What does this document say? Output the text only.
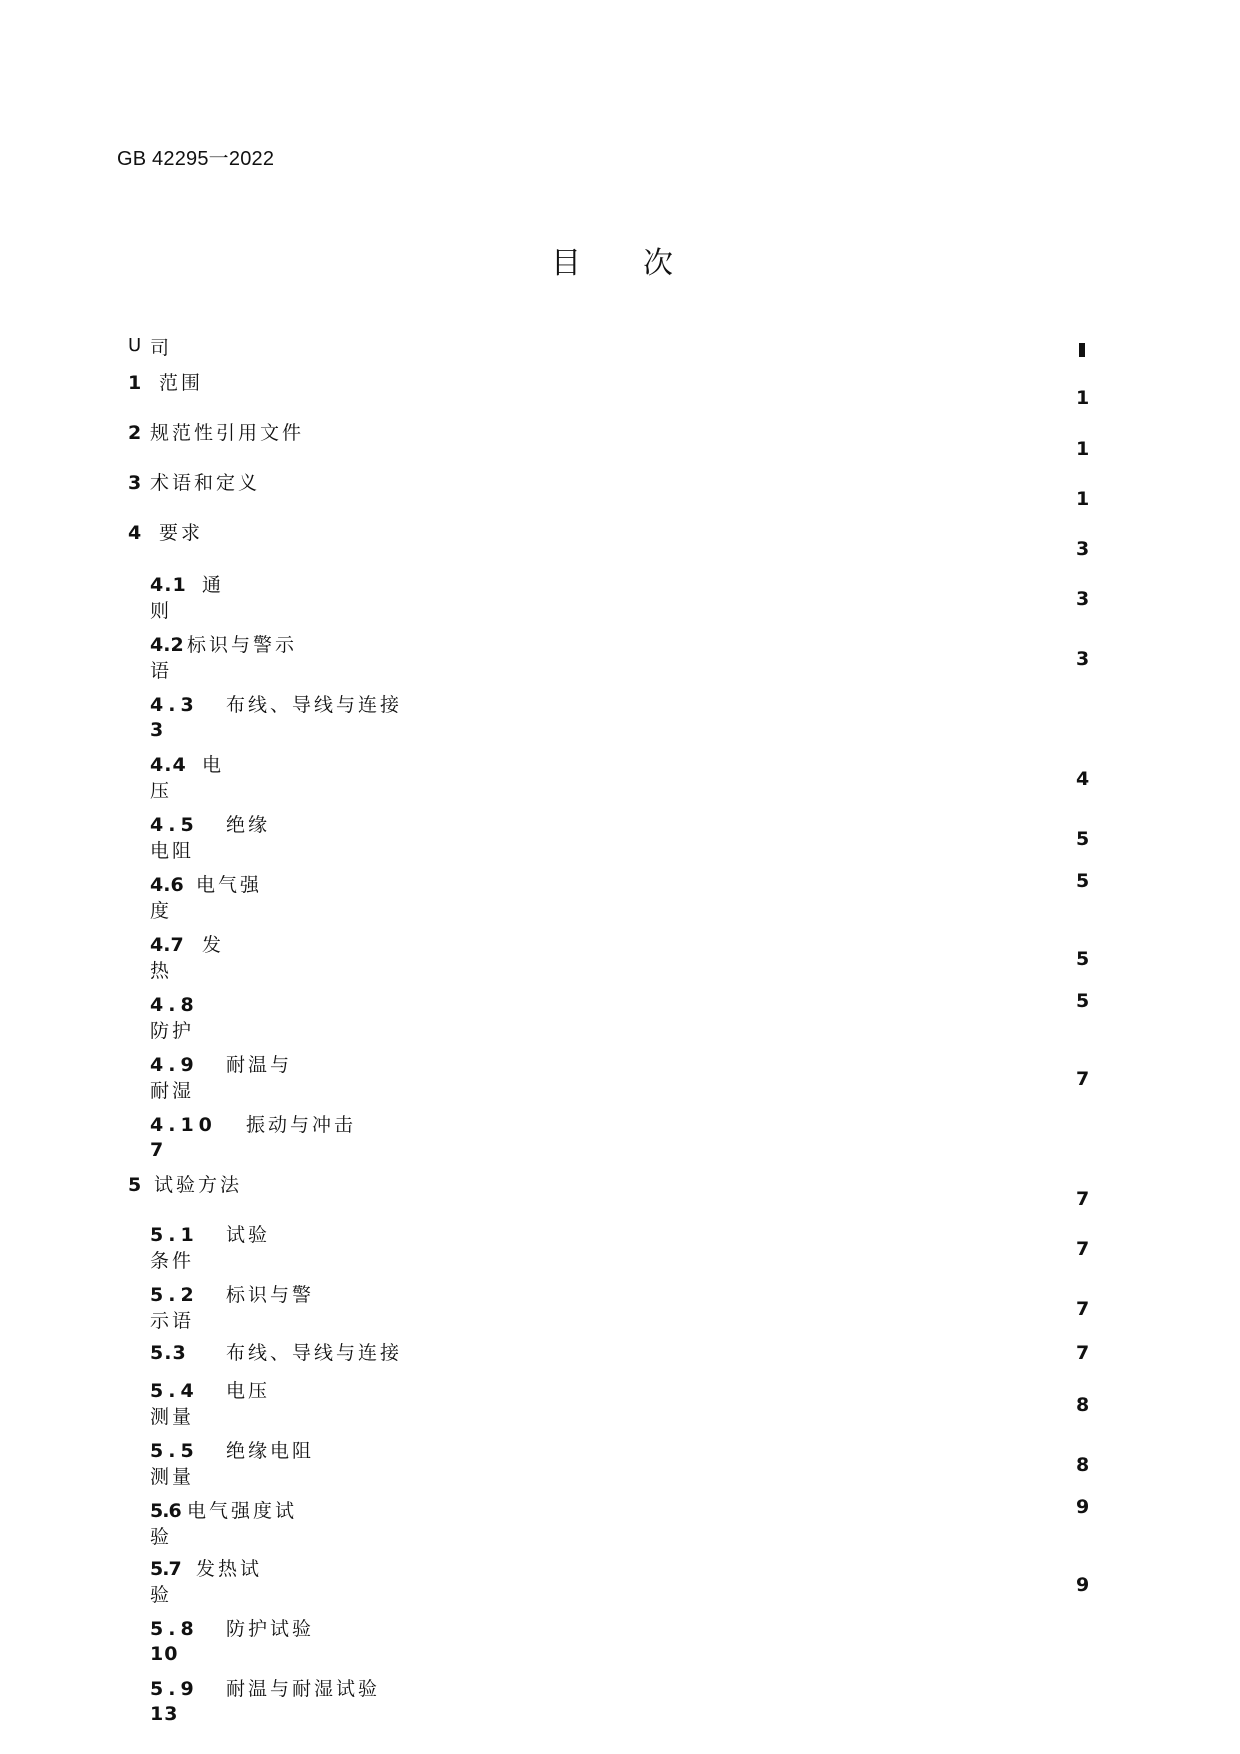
GB 42295一2022
目次
U 司
1 范围
1
2 规范性引用文件
1
3 术语和定义
1
4 要求
3
4.1 通
则
3
4.2 标识与警示
语
3
4.3 布线、导线与连接
3
4.4 电
压
4
4.5 绝缘
电阻
5
4.6 电气强
度
5
4.7 发
热
5
4.8
防护
5
4.9 耐温与
耐湿
7
4.10 振动与冲击
7
5 试验方法
7
5.1 试验
条件
7
5.2 标识与警
示语
7
5.3 布线、导线与连接	7
5.4 电压
测量
8
5.5 绝缘电阻
测量
8
5.6 电气强度试
验
9
5.7 发热试
验	9
5.8 防护试验
10
5.9 耐温与耐湿试验
13
